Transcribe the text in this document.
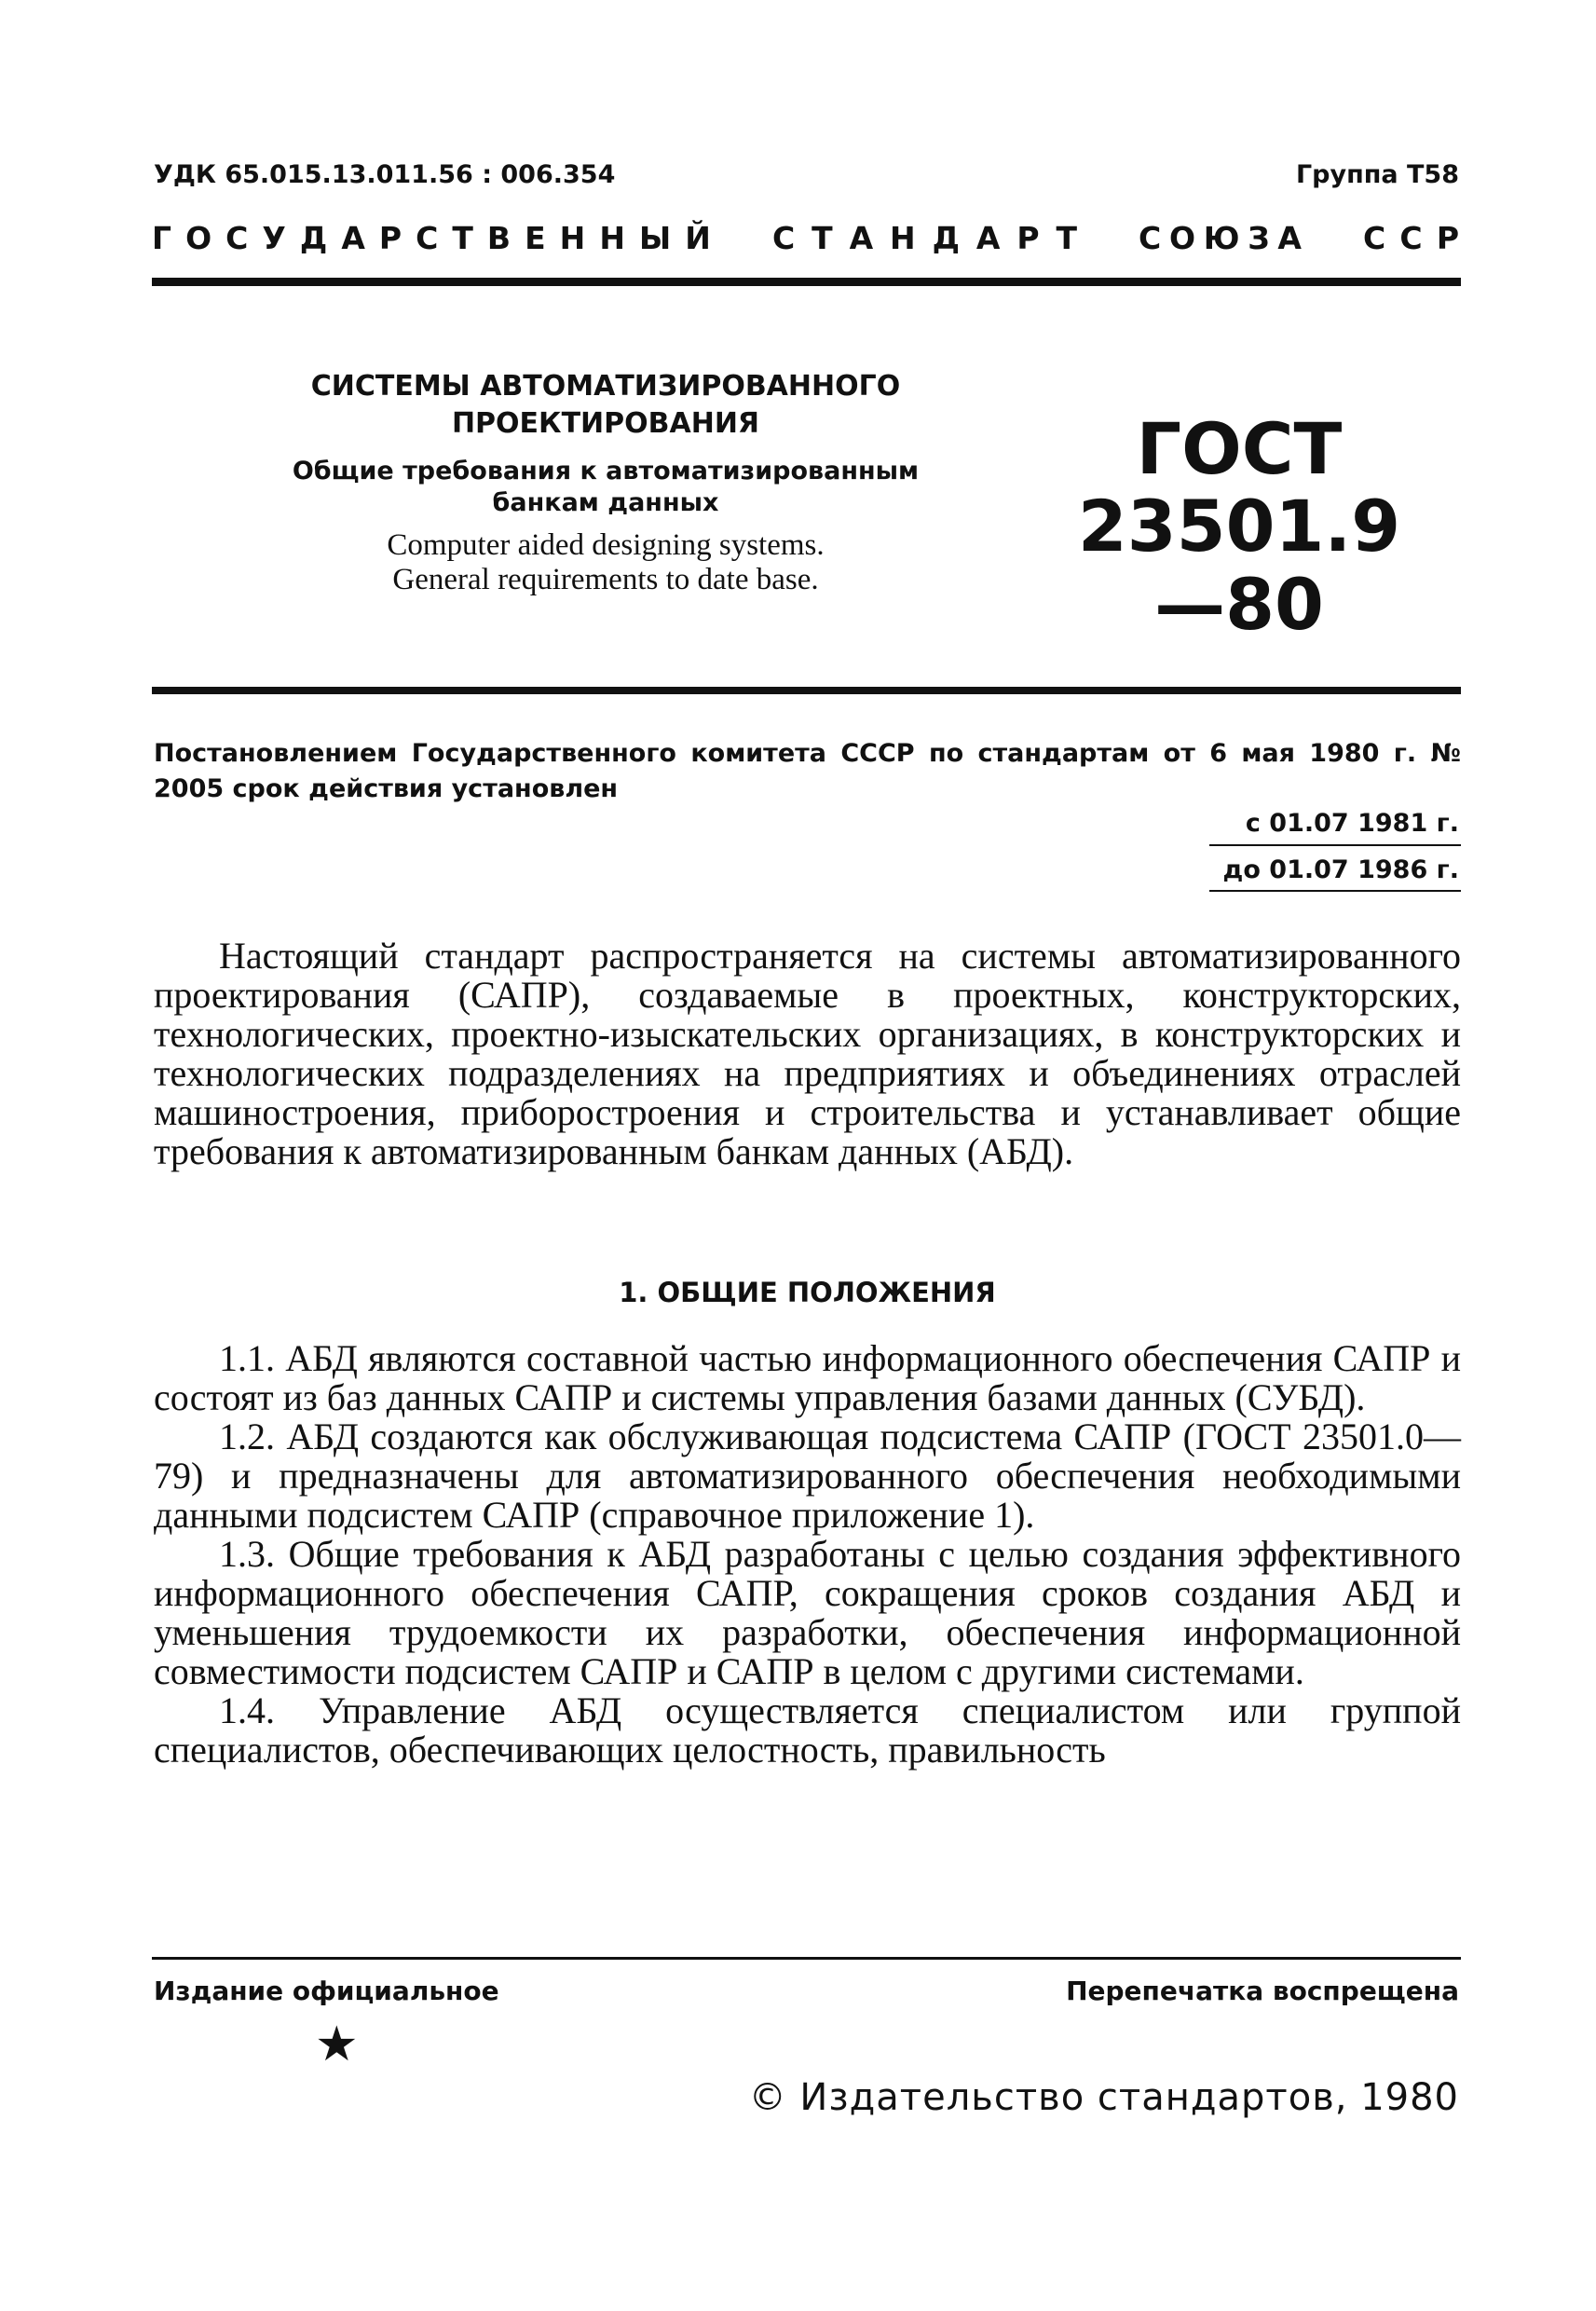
УДК 65.015.13.011.56 : 006.354	Группа Т58
Г О С У Д А Р С Т В Е Н Н Ы Й С Т А Н Д А Р Т С О Ю З А С С Р
СИСТЕМЫ АВТОМАТИЗИРОВАННОГО
ПРОЕКТИРОВАНИЯ
Общие требования к автоматизированным
банкам данных
Computer aided designing systems.
General requirements to date base.
ГОСТ
23501.9—80
Постановлением Государственного комитета СССР по стандартам от 6 мая 1980 г. № 2005 срок действия установлен
с 01.07 1981 г.
до 01.07 1986 г.

Настоящий стандарт распространяется на системы автоматизированного проектирования (САПР), создаваемые в проектных, конструкторских, технологических, проектно-изыскательских организациях, в конструкторских и технологических подразделениях на предприятиях и объединениях отраслей машиностроения, приборостроения и строительства и устанавливает общие требования к автоматизированным банкам данных (АБД).

1. ОБЩИЕ ПОЛОЖЕНИЯ

1.1. АБД являются составной частью информационного обеспечения САПР и состоят из баз данных САПР и системы управления базами данных (СУБД).

1.2. АБД создаются как обслуживающая подсистема САПР (ГОСТ 23501.0—79) и предназначены для автоматизированного обеспечения необходимыми данными подсистем САПР (справочное приложение 1).

1.3. Общие требования к АБД разработаны с целью создания эффективного информационного обеспечения САПР, сокращения сроков создания АБД и уменьшения трудоемкости их разработки, обеспечения информационной совместимости подсистем САПР и САПР в целом с другими системами.

1.4. Управление АБД осуществляется специалистом или группой специалистов, обеспечивающих целостность, правильность

Издание официальное	Перепечатка воспрещена
★
© Издательство стандартов, 1980
